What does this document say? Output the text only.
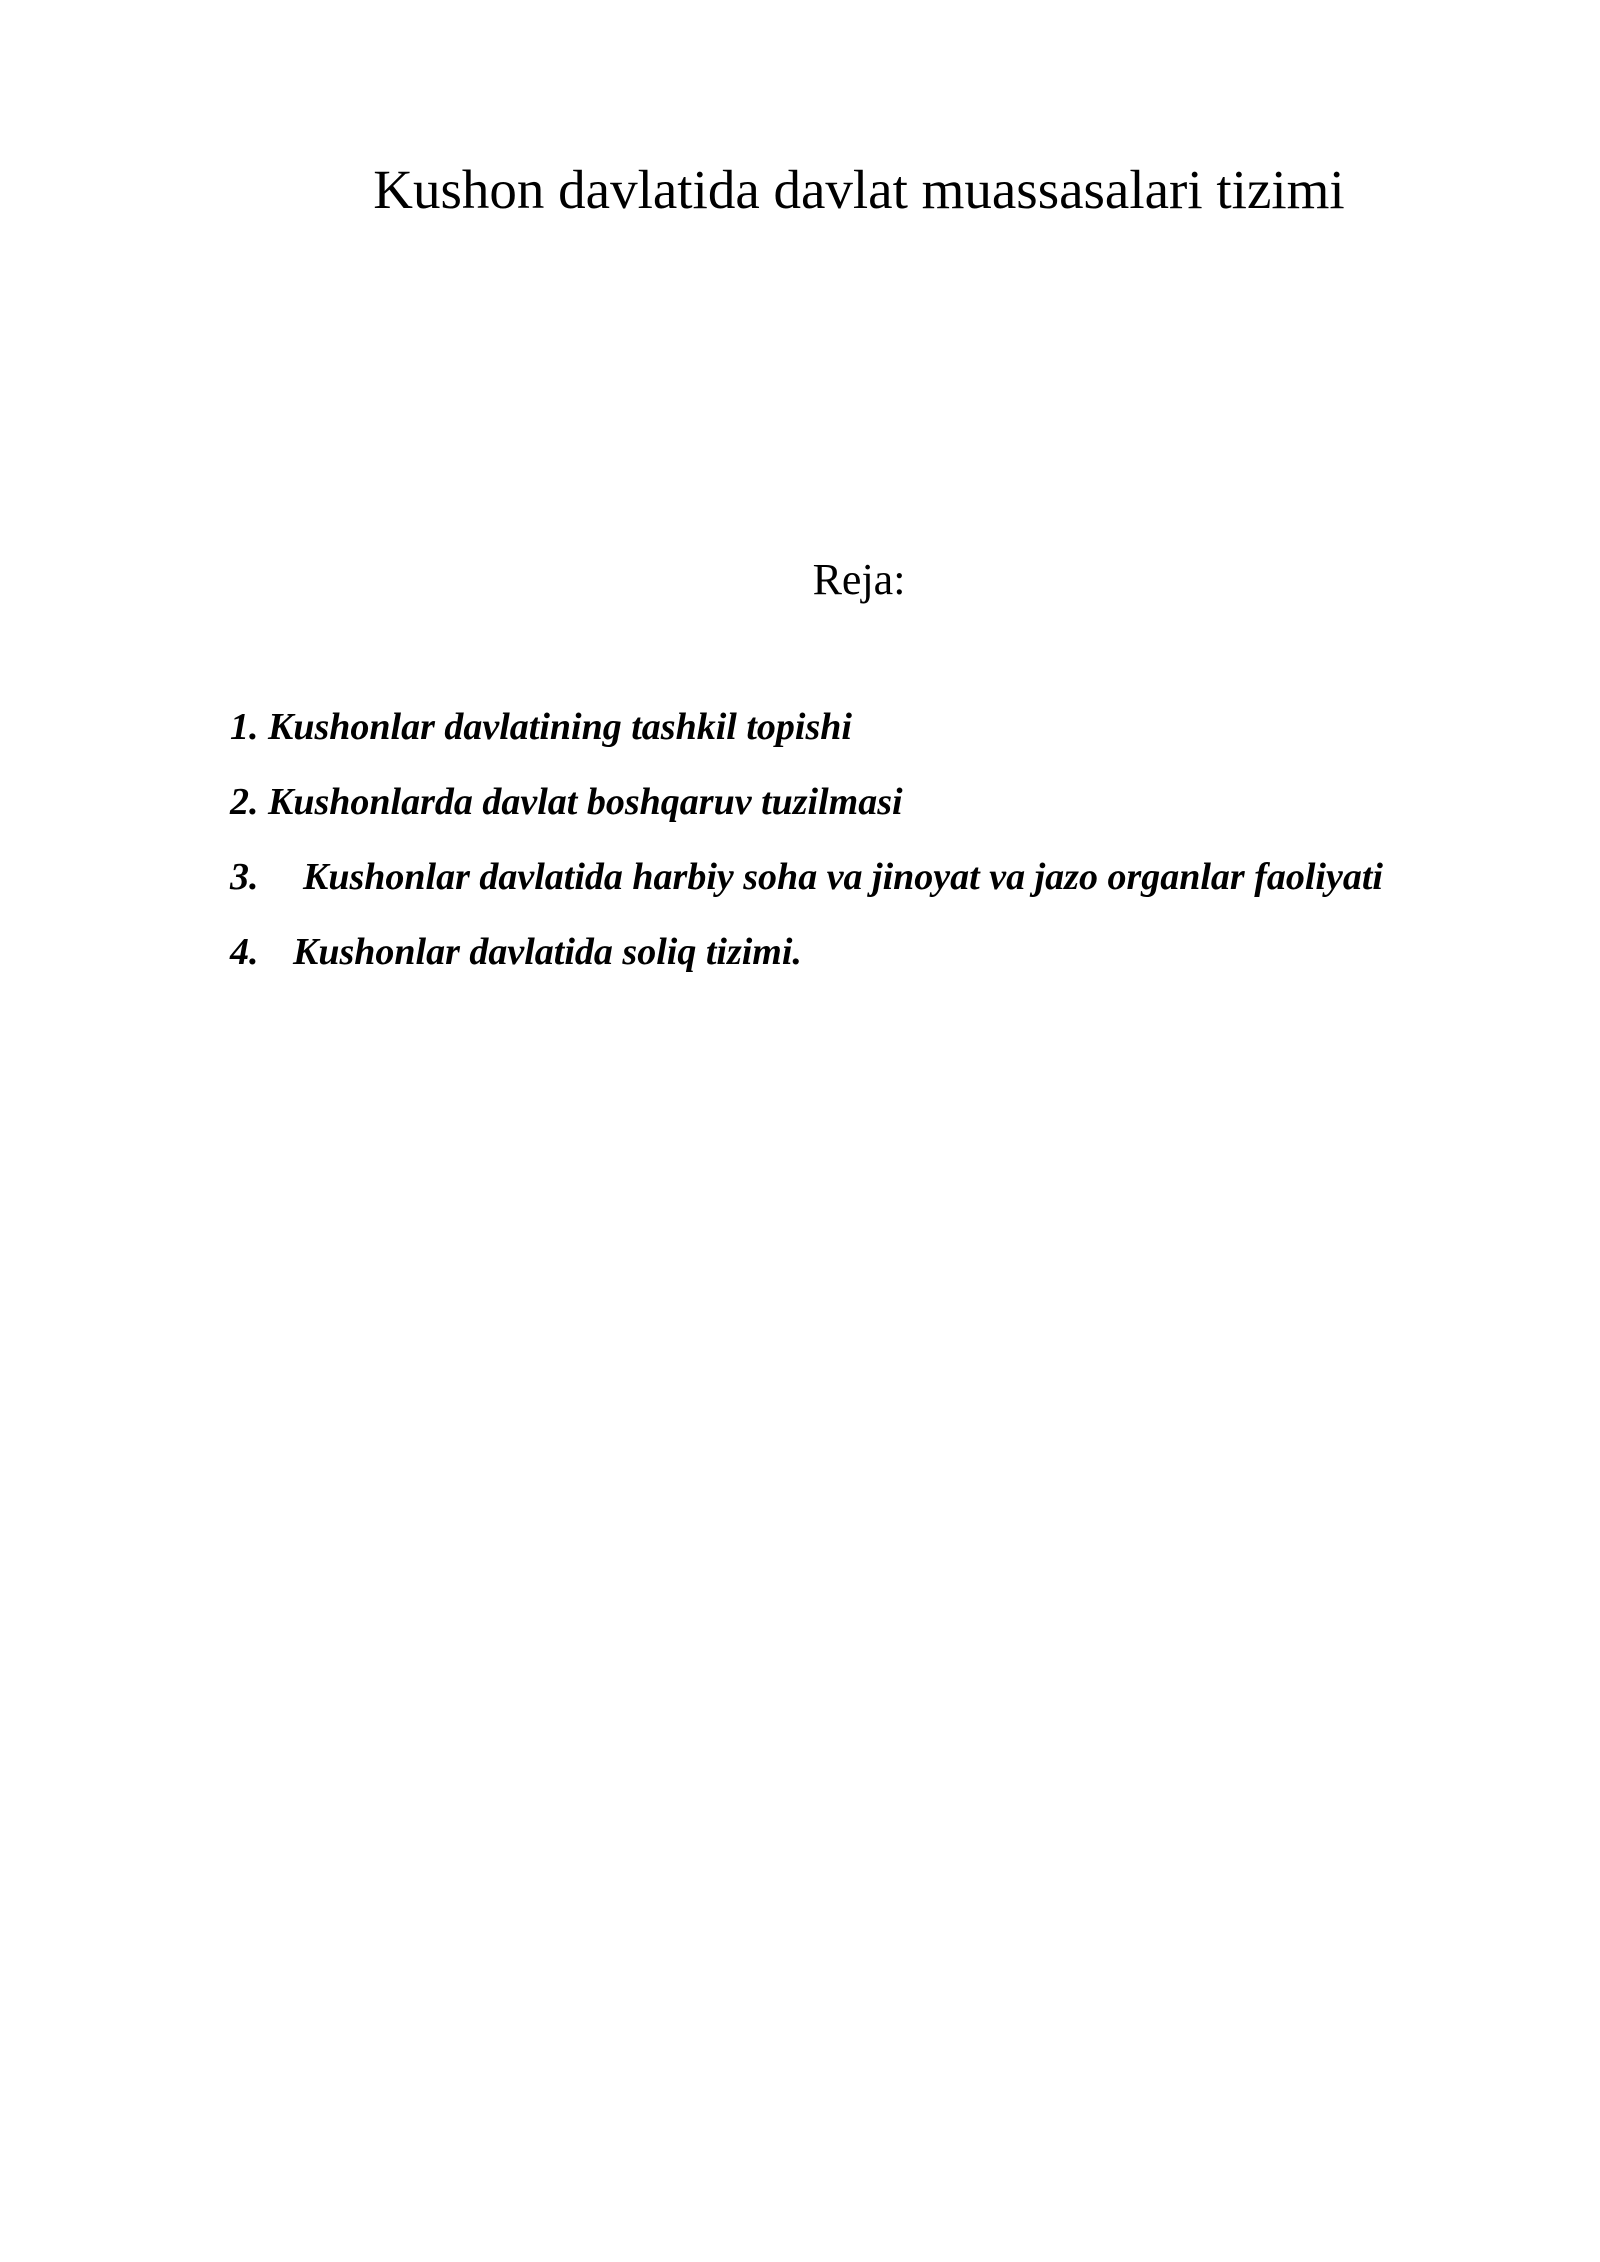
Kushon davlatida davlat muassasalari tizimi
Reja:
1. Kushonlar davlatining tashkil topishi
2. Kushonlarda davlat boshqaruv tuzilmasi
3.	Kushonlar davlatida harbiy soha va jinoyat va jazo organlar faoliyati
4. Kushonlar davlatida soliq tizimi.
